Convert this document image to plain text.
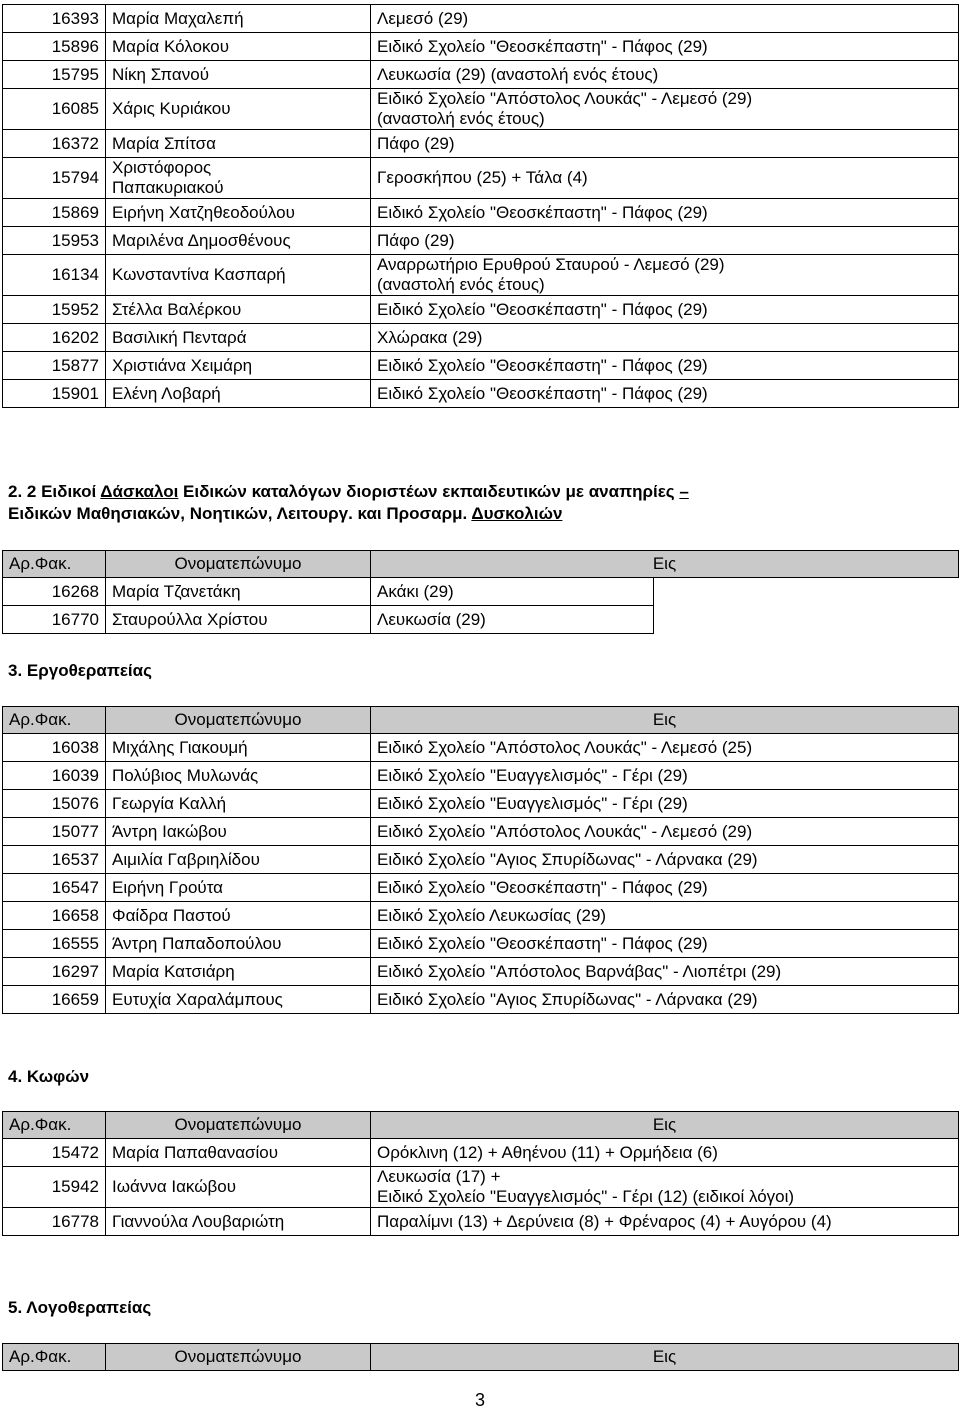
16393	Μαρία Μαχαλεπή	Λεμεσό (29)

15896	Μαρία Κόλοκου	Ειδικό Σχολείο "Θεοσκέπαστη" - Πάφος (29)

15795	Νίκη Σπανού	Λευκωσία (29) (αναστολή ενός έτους)

16085	Χάρις Κυριάκου	Ειδικό Σχολείο "Απόστολος Λουκάς" - Λεμεσό (29)
(αναστολή ενός έτους)

16372	Μαρία Σπίτσα	Πάφο (29)

15794	Χριστόφορος
Παπακυριακού	Γεροσκήπου (25) + Τάλα (4)

15869	Ειρήνη Χατζηθεοδούλου	Ειδικό Σχολείο "Θεοσκέπαστη" - Πάφος (29)

15953	Μαριλένα Δημοσθένους	Πάφο (29)

16134	Κωνσταντίνα Κασπαρή	Αναρρωτήριο Ερυθρού Σταυρού - Λεμεσό (29)
(αναστολή ενός έτους)

15952	Στέλλα Βαλέρκου	Ειδικό Σχολείο "Θεοσκέπαστη" - Πάφος (29)

16202	Βασιλική Πενταρά	Χλώρακα (29)

15877	Χριστιάνα Χειμάρη	Ειδικό Σχολείο "Θεοσκέπαστη" - Πάφος (29)

15901	Ελένη Λοβαρή	Ειδικό Σχολείο "Θεοσκέπαστη" - Πάφος (29)
2. 2 Ειδικοί Δάσκαλοι Ειδικών καταλόγων διοριστέων εκπαιδευτικών με αναπηρίες –
Ειδικών Μαθησιακών, Νοητικών, Λειτουργ. και Προσαρμ. Δυσκολιών
Αρ.Φακ.	Ονοματεπώνυμο	Εις	

16268	Μαρία Τζανετάκη	Ακάκι (29)	

16770	Σταυρούλλα Χρίστου	Λευκωσία (29)	

3. Εργοθεραπείας
Αρ.Φακ.	Ονοματεπώνυμο	Εις

16038	Μιχάλης Γιακουμή	Ειδικό Σχολείο "Απόστολος Λουκάς" - Λεμεσό (25)

16039	Πολύβιος Μυλωνάς	Ειδικό Σχολείο "Ευαγγελισμός" - Γέρι (29)

15076	Γεωργία Καλλή	Ειδικό Σχολείο "Ευαγγελισμός" - Γέρι (29)

15077	Άντρη Ιακώβου	Ειδικό Σχολείο "Απόστολος Λουκάς" - Λεμεσό (29)

16537	Αιμιλία Γαβριηλίδου	Ειδικό Σχολείο "Αγιος Σπυρίδωνας" - Λάρνακα (29)

16547	Ειρήνη Γρούτα	Ειδικό Σχολείο "Θεοσκέπαστη" - Πάφος (29)

16658	Φαίδρα Παστού	Ειδικό Σχολείο Λευκωσίας (29)

16555	Άντρη Παπαδοπούλου	Ειδικό Σχολείο "Θεοσκέπαστη" - Πάφος (29)

16297	Μαρία Κατσιάρη	Ειδικό Σχολείο "Απόστολος Βαρνάβας" - Λιοπέτρι (29)

16659	Ευτυχία Χαραλάμπους	Ειδικό Σχολείο "Αγιος Σπυρίδωνας" - Λάρνακα (29)
4. Κωφών
Αρ.Φακ.	Ονοματεπώνυμο	Εις

15472	Μαρία Παπαθανασίου	Ορόκλινη (12) + Αθηένου (11) + Ορμήδεια (6)

15942	Ιωάννα Ιακώβου	Λευκωσία (17) +
Ειδικό Σχολείο "Ευαγγελισμός" - Γέρι (12) (ειδικοί λόγοι)

16778	Γιαννούλα Λουβαριώτη	Παραλίμνι (13) + Δερύνεια (8) + Φρέναρος (4) + Αυγόρου (4)
5. Λογοθεραπείας
Αρ.Φακ.	Ονοματεπώνυμο	Εις
3
